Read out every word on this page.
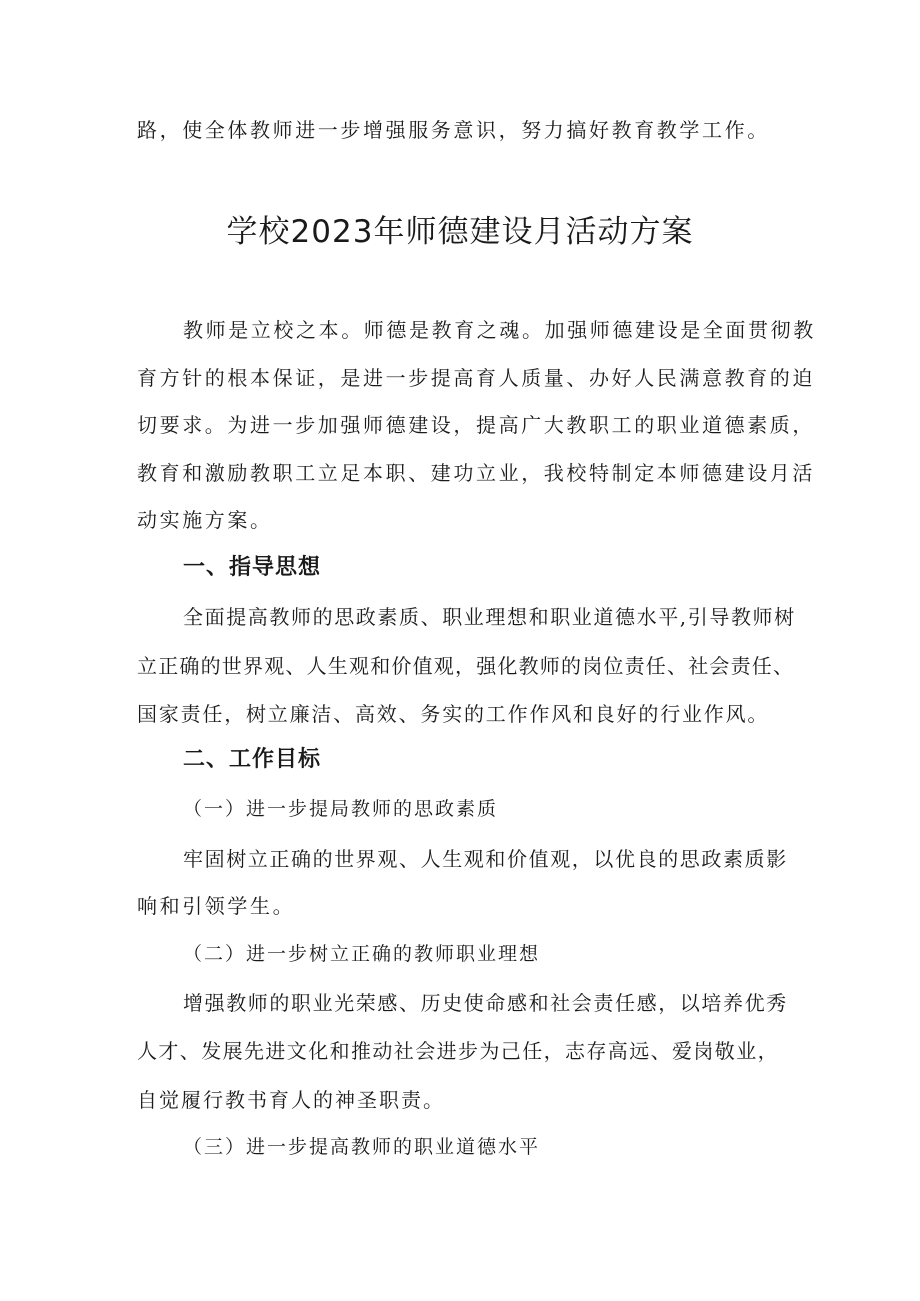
路，使全体教师进一步增强服务意识，努力搞好教育教学工作。
学校2023年师德建设月活动方案
教师是立校之本。师德是教育之魂。加强师德建设是全面贯彻教
育方针的根本保证，是进一步提高育人质量、办好人民满意教育的迫
切要求。为进一步加强师德建设，提高广大教职工的职业道德素质，
教育和激励教职工立足本职、建功立业，我校特制定本师德建设月活
动实施方案。
一、指导思想
全面提高教师的思政素质、职业理想和职业道德水平,引导教师树
立正确的世界观、人生观和价值观，强化教师的岗位责任、社会责任、
国家责任，树立廉洁、高效、务实的工作作风和良好的行业作风。
二、工作目标
（一）进一步提局教师的思政素质
牢固树立正确的世界观、人生观和价值观，以优良的思政素质影
响和引领学生。
（二）进一步树立正确的教师职业理想
增强教师的职业光荣感、历史使命感和社会责任感，以培养优秀
人才、发展先进文化和推动社会进步为己任，志存高远、爱岗敬业，
自觉履行教书育人的神圣职责。
（三）进一步提高教师的职业道德水平
